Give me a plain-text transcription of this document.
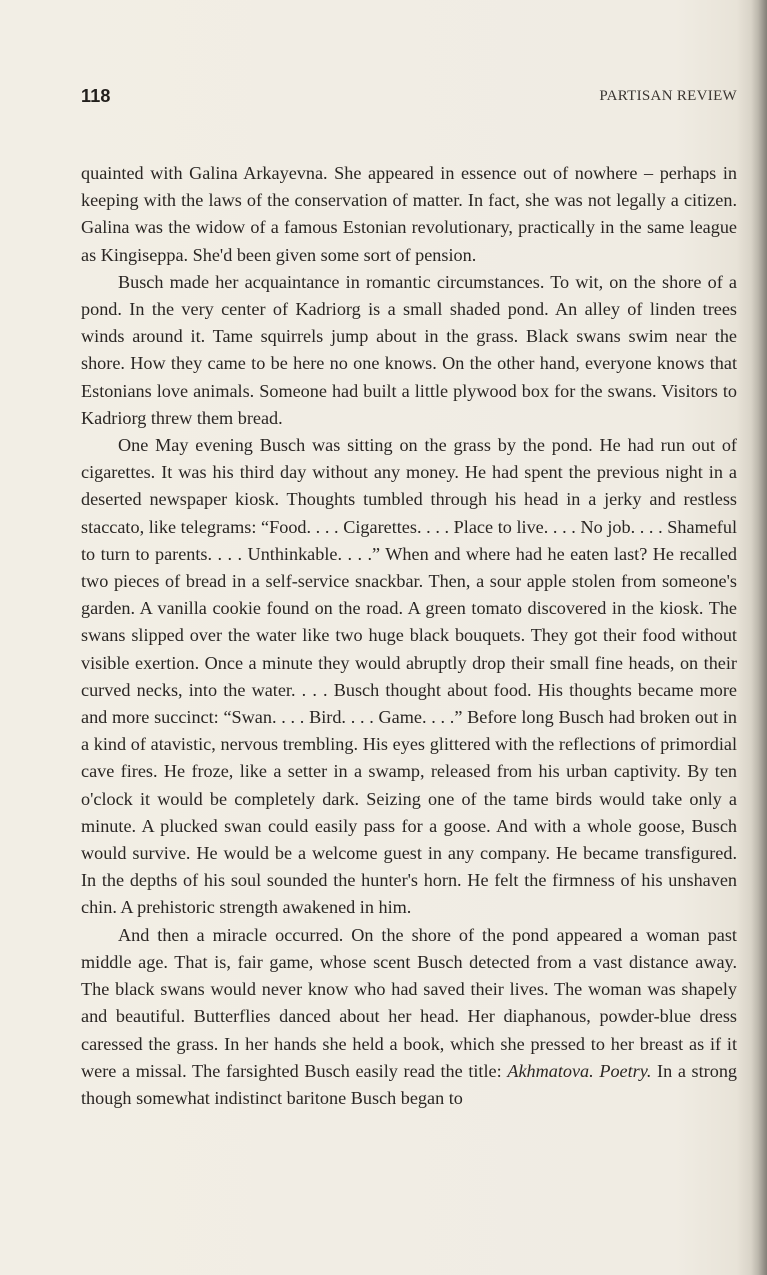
118	PARTISAN REVIEW

quainted with Galina Arkayevna. She appeared in essence out of nowhere – perhaps in keeping with the laws of the conservation of matter. In fact, she was not legally a citizen. Galina was the widow of a famous Estonian revolutionary, practically in the same league as Kingiseppa. She'd been given some sort of pension.

Busch made her acquaintance in romantic circumstances. To wit, on the shore of a pond. In the very center of Kadriorg is a small shaded pond. An alley of linden trees winds around it. Tame squirrels jump about in the grass. Black swans swim near the shore. How they came to be here no one knows. On the other hand, everyone knows that Estonians love animals. Someone had built a little plywood box for the swans. Visitors to Kadriorg threw them bread.

One May evening Busch was sitting on the grass by the pond. He had run out of cigarettes. It was his third day without any money. He had spent the previous night in a deserted newspaper kiosk. Thoughts tumbled through his head in a jerky and restless staccato, like telegrams: “Food. . . . Cigarettes. . . . Place to live. . . . No job. . . . Shameful to turn to parents. . . . Unthinkable. . . .” When and where had he eaten last? He recalled two pieces of bread in a self-service snackbar. Then, a sour apple stolen from someone's garden. A vanilla cookie found on the road. A green tomato discovered in the kiosk. The swans slipped over the water like two huge black bouquets. They got their food without visible exertion. Once a minute they would abruptly drop their small fine heads, on their curved necks, into the water. . . . Busch thought about food. His thoughts became more and more succinct: “Swan. . . . Bird. . . . Game. . . .” Before long Busch had broken out in a kind of atavistic, nervous trembling. His eyes glittered with the reflections of primordial cave fires. He froze, like a setter in a swamp, released from his urban captivity. By ten o'clock it would be completely dark. Seizing one of the tame birds would take only a minute. A plucked swan could easily pass for a goose. And with a whole goose, Busch would survive. He would be a welcome guest in any company. He became transfigured. In the depths of his soul sounded the hunter's horn. He felt the firmness of his unshaven chin. A prehistoric strength awakened in him.

And then a miracle occurred. On the shore of the pond appeared a woman past middle age. That is, fair game, whose scent Busch detected from a vast distance away. The black swans would never know who had saved their lives. The woman was shapely and beautiful. Butterflies danced about her head. Her diaphanous, powder-blue dress caressed the grass. In her hands she held a book, which she pressed to her breast as if it were a missal. The farsighted Busch easily read the title: Akhmatova. Poetry. In a strong though somewhat indistinct baritone Busch began to
